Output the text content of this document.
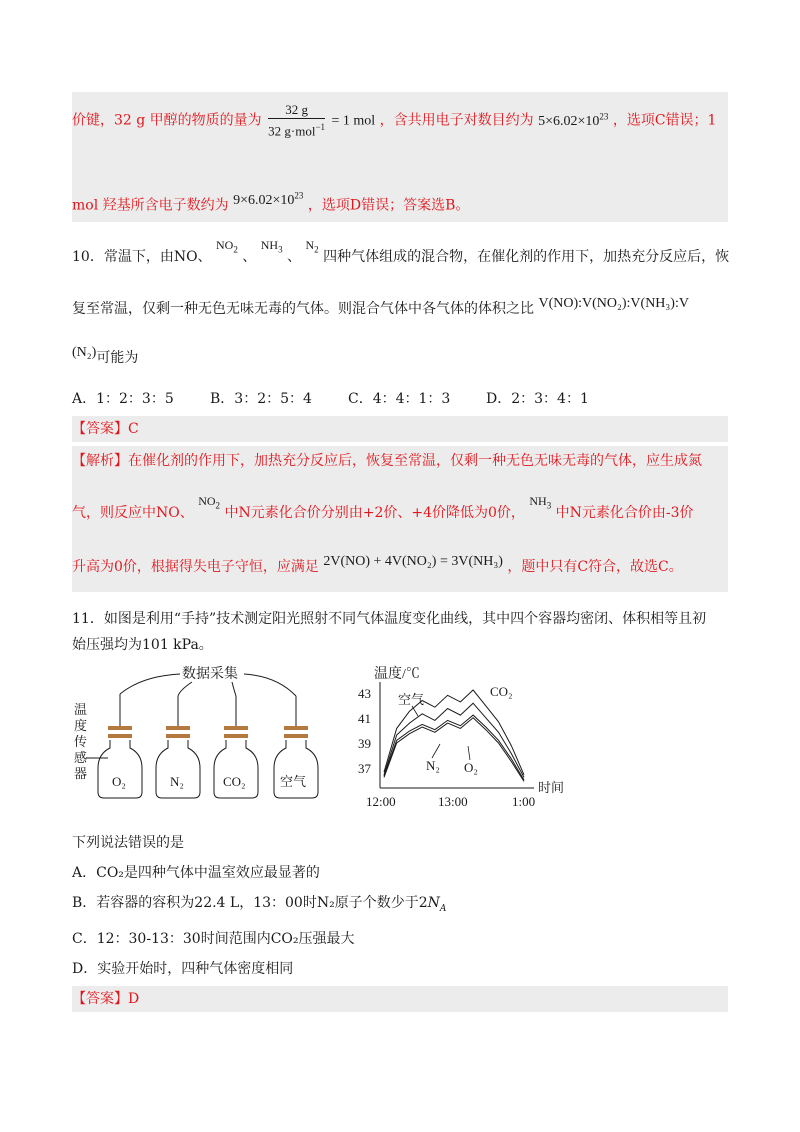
价键，32 g 甲醇的物质的量为 $\frac{32 g}{32 g\cdot mol^{-1}} = 1$ mol ，含共用电子对数目约为 $5\times 6.02\times 10^{23}$ ，选项C错误；1
mol 羟基所含电子数约为 $9\times 6.02\times 10^{23}$ ，选项D错误；答案选B。
10．常温下，由NO、 $NO_2$ 、 $NH_3$ 、 $N_2$ 四种气体组成的混合物，在催化剂的作用下，加热充分反应后，恢
复至常温，仅剩一种无色无味无毒的气体。则混合气体中各气体的体积之比 V(NO):V(NO₂):V(NH₃):V
(N₂)可能为
A．1：2：3：5	B．3：2：5：4	C．4：4：1：3	D．2：3：4：1
【答案】C
【解析】在催化剂的作用下，加热充分反应后，恢复至常温，仅剩一种无色无味无毒的气体，应生成氮
气，则反应中NO、 $NO_2$ 中N元素化合价分别由+2价、+4价降低为0价， $NH_3$ 中N元素化合价由-3价
升高为0价，根据得失电子守恒，应满足 2V(NO) + 4V(NO₂) = 3V(NH₃) ，题中只有C符合，故选C。
11．如图是利用“手持”技术测定阳光照射不同气体温度变化曲线，其中四个容器均密闭、体积相等且初
始压强均为101 kPa。
数据采集
温
度
传
感
器
O₂	N₂	CO₂	空气
温度/℃
43
41
39
37
12:00	13:00	1:00
时间
空气
CO₂
N₂ O₂
下列说法错误的是
A．CO₂是四种气体中温室效应最显著的
B．若容器的容积为22.4 L，13：00时N₂原子个数少于$2N_A$
C．12：30-13：30时间范围内CO₂压强最大
D．实验开始时，四种气体密度相同
【答案】D
